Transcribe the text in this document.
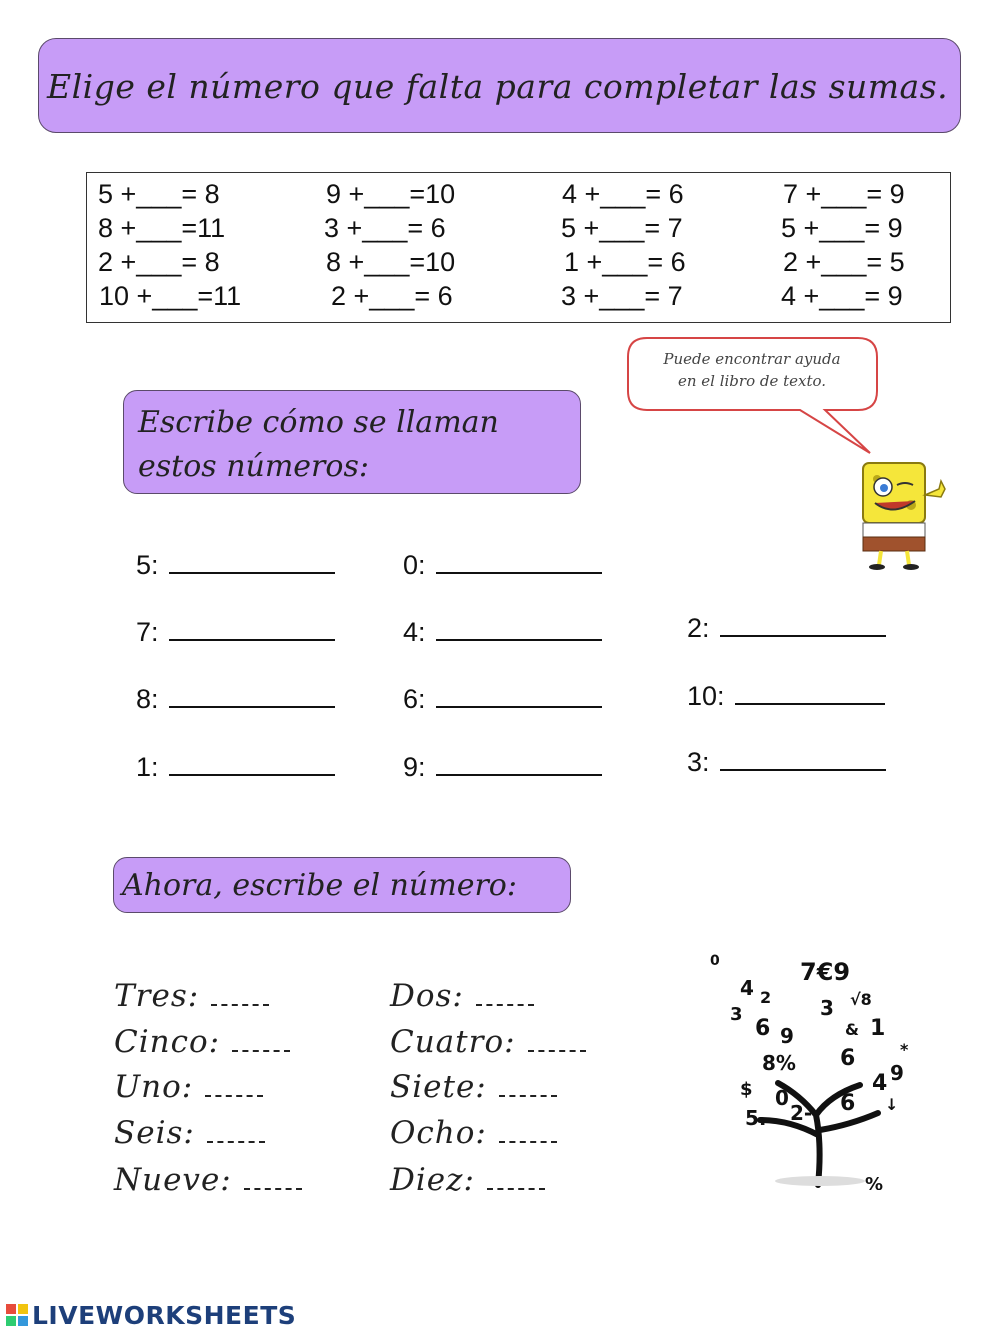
Elige el número que falta para completar las sumas.
5 +___= 8	9 +___=10	4 +___= 6	7 +___= 9
8 +___=11	3 +___= 6	5 +___= 7	5 +___= 9
2 +___= 8	8 +___=10	1 +___= 6	2 +___= 5
10 +___=11	2 +___= 6	3 +___= 7	4 +___= 9
Puede encontrar ayuda
en el libro de texto.
Escribe cómo se llaman
estos números:
5:	0:
7:	4:	2:
8:	6:	10:
1:	9:	3:
Ahora, escribe el número:
Tres:	Dos:
Cinco:	Cuatro:
Uno:	Siete:
Seis:	Ocho:
Nueve:	Diez:
7€9
4 2
3
6 9
3 √8
1
&
8% 6
9
4
$
5.
0
2- 6
*
0
%
↓
LIVEWORKSHEETS
